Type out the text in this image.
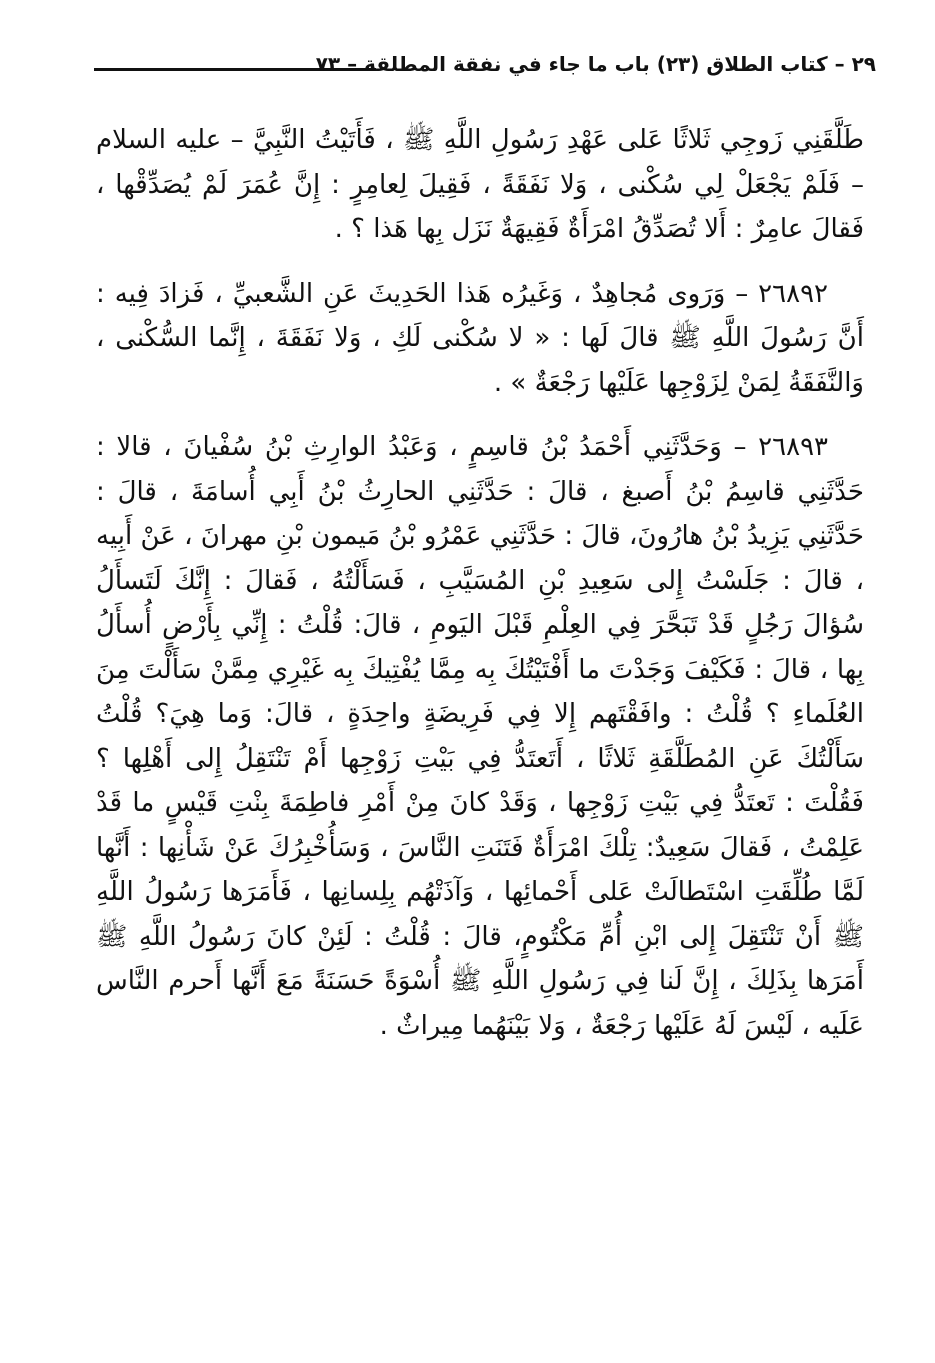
٢٩ – كتاب الطلاق (٢٣) باب ما جاء في نفقة المطلقة – ٧٣

طَلَّقَنِي زَوجِي ثَلاثًا عَلى عَهْدِ رَسُولِ اللَّهِ ﷺ ، فَأَتَيْتُ النَّبِيَّ – عليه السلام – فَلَمْ يَجْعَلْ لِي سُكْنى ، وَلا نَفَقَةً ، فَقِيلَ لِعامِرٍ : إِنَّ عُمَرَ لَمْ يُصَدِّقْها ، فَقالَ عامِرٌ : أَلا تُصَدِّقُ امْرَأَةٌ فَقِيهَةٌ نَزَل بِها هَذا ؟ .

٢٦٨٩٢ – وَرَوى مُجاهِدٌ ، وَغَيرُه هَذا الحَدِيثَ عَنِ الشَّعبيِّ ، فَزادَ فِيه : أَنَّ رَسُولَ اللَّهِ ﷺ قالَ لَها : « لا سُكْنى لَكِ ، وَلا نَفَقَةَ ، إِنَّما السُّكْنى ، وَالنَّفَقَةُ لِمَنْ لِزَوْجِها عَلَيْها رَجْعَةٌ » .

٢٦٨٩٣ – وَحَدَّثَنِي أَحْمَدُ بْنُ قاسِمٍ ، وَعَبْدُ الوارِثِ بْنُ سُفْيانَ ، قالا : حَدَّثَنِي قاسِمُ بْنُ أَصبغ ، قالَ : حَدَّثَنِي الحارِثُ بْنُ أَبِي أُسامَةَ ، قالَ : حَدَّثَنِي يَزِيدُ بْنُ هارُونَ، قالَ : حَدَّثَنِي عَمْرُو بْنُ مَيمون بْنِ مهرانَ ، عَنْ أَبِيه ، قالَ : جَلَسْتُ إِلى سَعِيدِ بْنِ المُسَيَّبِ ، فَسَأَلْتُهُ ، فَقالَ : إِنَّكَ لَتَسأَلُ سُؤالَ رَجُلٍ قَدْ تَبَحَّرَ فِي العِلْمِ قَبْلَ اليَومِ ، قالَ: قُلْتُ : إِنِّي بِأَرْضٍ أُسأَلُ بِها ، قالَ : فَكَيْفَ وَجَدْتَ ما أَفْتَيْتُكَ بِه مِمَّا يُفْتِيكَ بِه غَيْرِي مِمَّنْ سَأَلْتَ مِنَ العُلَماءِ ؟ قُلْتُ : وافَقْتَهم إِلا فِي فَرِيضَةٍ واحِدَةٍ ، قالَ: وَما هِيَ؟ قُلْتُ سَأَلْتُكَ عَنِ المُطَلَّقَةِ ثَلاثًا ، أَتَعتَدُّ فِي بَيْتِ زَوْجِها أَمْ تَنْتَقِلُ إِلى أَهْلِها ؟ فَقُلْتَ : تَعتَدُّ فِي بَيْتِ زَوْجِها ، وَقَدْ كانَ مِنْ أَمْرِ فاطِمَةَ بِنْتِ قَيْسٍ ما قَدْ عَلِمْتُ ، فَقالَ سَعِيدٌ: تِلْكَ امْرَأَةٌ فَتَنَتِ النَّاسَ ، وَسَأُخْبِرُكَ عَنْ شَأْنِها : أَنَّها لَمَّا طُلِّقَتِ اسْتَطالَتْ عَلى أَحْمائِها ، وَآذَتْهُم بِلِسانِها ، فَأَمَرَها رَسُولُ اللَّهِ ﷺ أَنْ تَنْتَقِلَ إِلى ابْنِ أُمِّ مَكْتُومٍ، قالَ : قُلْتُ : لَئِنْ كانَ رَسُولُ اللَّهِ ﷺ أَمَرَها بِذَلِكَ ، إِنَّ لَنا فِي رَسُولِ اللَّهِ ﷺ أُسْوَةً حَسَنَةً مَعَ أَنَّها أَحرم النَّاس عَلَيه ، لَيْسَ لَهُ عَلَيْها رَجْعَةٌ ، وَلا بَيْنَهُما مِيراثٌ .
